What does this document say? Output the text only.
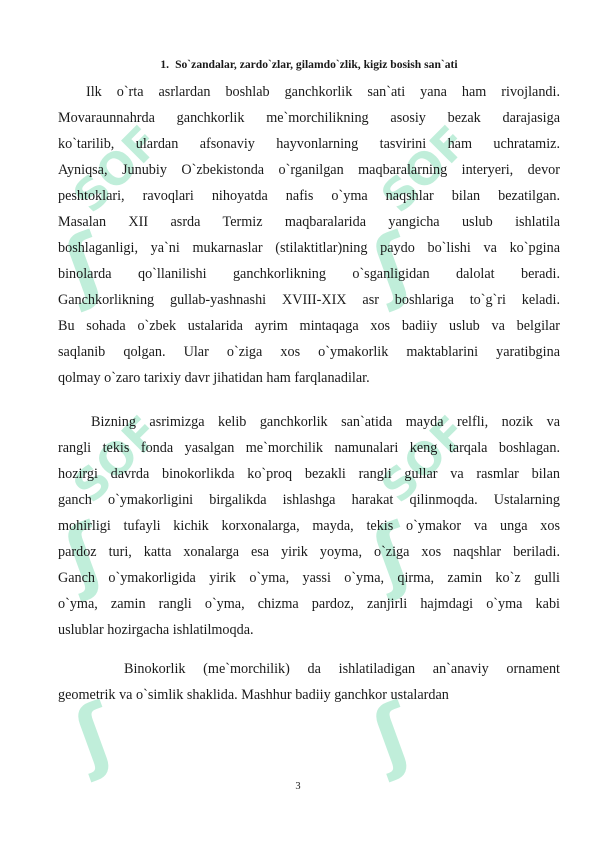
SOF
ʃ
SOF
ʃ
SOF
ʃ
SOF
ʃ
ʃ	ʃ
1. So`zandalar, zardo`zlar, gilamdo`zlik, kigiz bosish san`ati
Ilk o`rta asrlardan boshlab ganchkorlik san`ati yana ham rivojlandi.
Movaraunnahrda ganchkorlik me`morchilikning asosiy bezak darajasiga
ko`tarilib, ulardan afsonaviy hayvonlarning tasvirini ham uchratamiz.
Ayniqsa, Junubiy O`zbekistonda o`rganilgan maqbaralarning interyeri, devor
peshtoklari, ravoqlari nihoyatda nafis o`yma naqshlar bilan bezatilgan.
Masalan XII asrda Termiz maqbaralarida yangicha uslub ishlatila
boshlaganligi, ya`ni mukarnaslar (stilaktitlar)ning paydo bo`lishi va ko`pgina
binolarda qo`llanilishi ganchkorlikning o`sganligidan dalolat beradi.
Ganchkorlikning gullab-yashnashi XVIII-XIX asr boshlariga to`g`ri keladi.
Bu sohada o`zbek ustalarida ayrim mintaqaga xos badiiy uslub va belgilar
saqlanib qolgan. Ular o`ziga xos o`ymakorlik maktablarini yaratibgina
qolmay o`zaro tarixiy davr jihatidan ham farqlanadilar.
Bizning asrimizga kelib ganchkorlik san`atida mayda relfli, nozik va
rangli tekis fonda yasalgan me`morchilik namunalari keng tarqala boshlagan.
hozirgi davrda binokorlikda ko`proq bezakli rangli gullar va rasmlar bilan
ganch o`ymakorligini birgalikda ishlashga harakat qilinmoqda. Ustalarning
mohirligi tufayli kichik korxonalarga, mayda, tekis o`ymakor va unga xos
pardoz turi, katta xonalarga esa yirik yoyma, o`ziga xos naqshlar beriladi.
Ganch o`ymakorligida yirik o`yma, yassi o`yma, qirma, zamin ko`z gulli
o`yma, zamin rangli o`yma, chizma pardoz, zanjirli hajmdagi o`yma kabi
uslublar hozirgacha ishlatilmoqda.
Binokorlik (me`morchilik) da ishlatiladigan an`anaviy ornament
geometrik va o`simlik shaklida. Mashhur badiiy ganchkor ustalardan
3
